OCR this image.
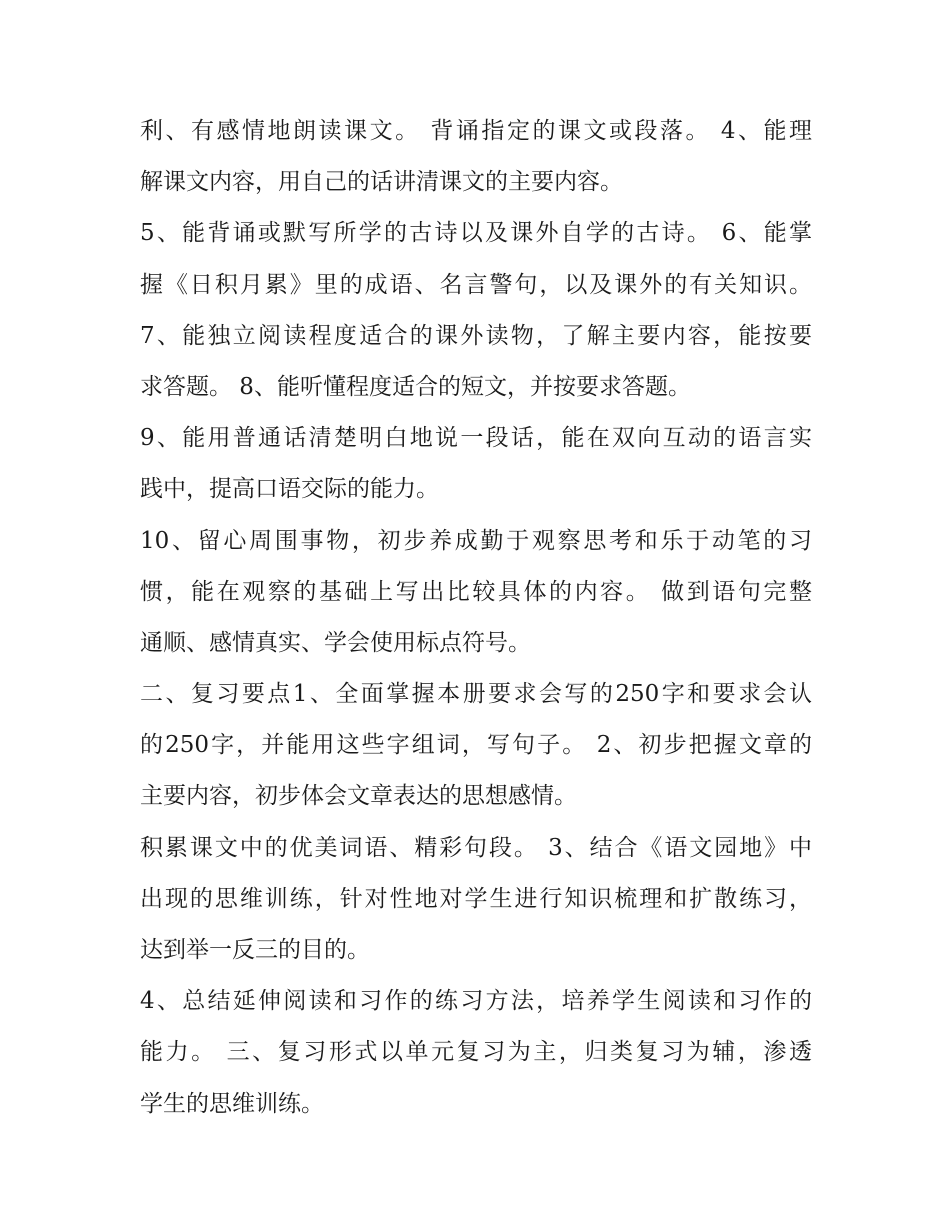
利、有感情地朗读课文。 背诵指定的课文或段落。 4、能理
解课文内容，用自己的话讲清课文的主要内容。
5、能背诵或默写所学的古诗以及课外自学的古诗。 6、能掌
握《日积月累》里的成语、名言警句，以及课外的有关知识。
7、能独立阅读程度适合的课外读物，了解主要内容，能按要
求答题。 8、能听懂程度适合的短文，并按要求答题。
9、能用普通话清楚明白地说一段话，能在双向互动的语言实
践中，提高口语交际的能力。
10、留心周围事物，初步养成勤于观察思考和乐于动笔的习
惯，能在观察的基础上写出比较具体的内容。 做到语句完整
通顺、感情真实、学会使用标点符号。
二、复习要点1、全面掌握本册要求会写的250字和要求会认
的250字，并能用这些字组词，写句子。 2、初步把握文章的
主要内容，初步体会文章表达的思想感情。
积累课文中的优美词语、精彩句段。 3、结合《语文园地》中
出现的思维训练，针对性地对学生进行知识梳理和扩散练习，
达到举一反三的目的。
4、总结延伸阅读和习作的练习方法，培养学生阅读和习作的
能力。 三、复习形式以单元复习为主，归类复习为辅，渗透
学生的思维训练。
